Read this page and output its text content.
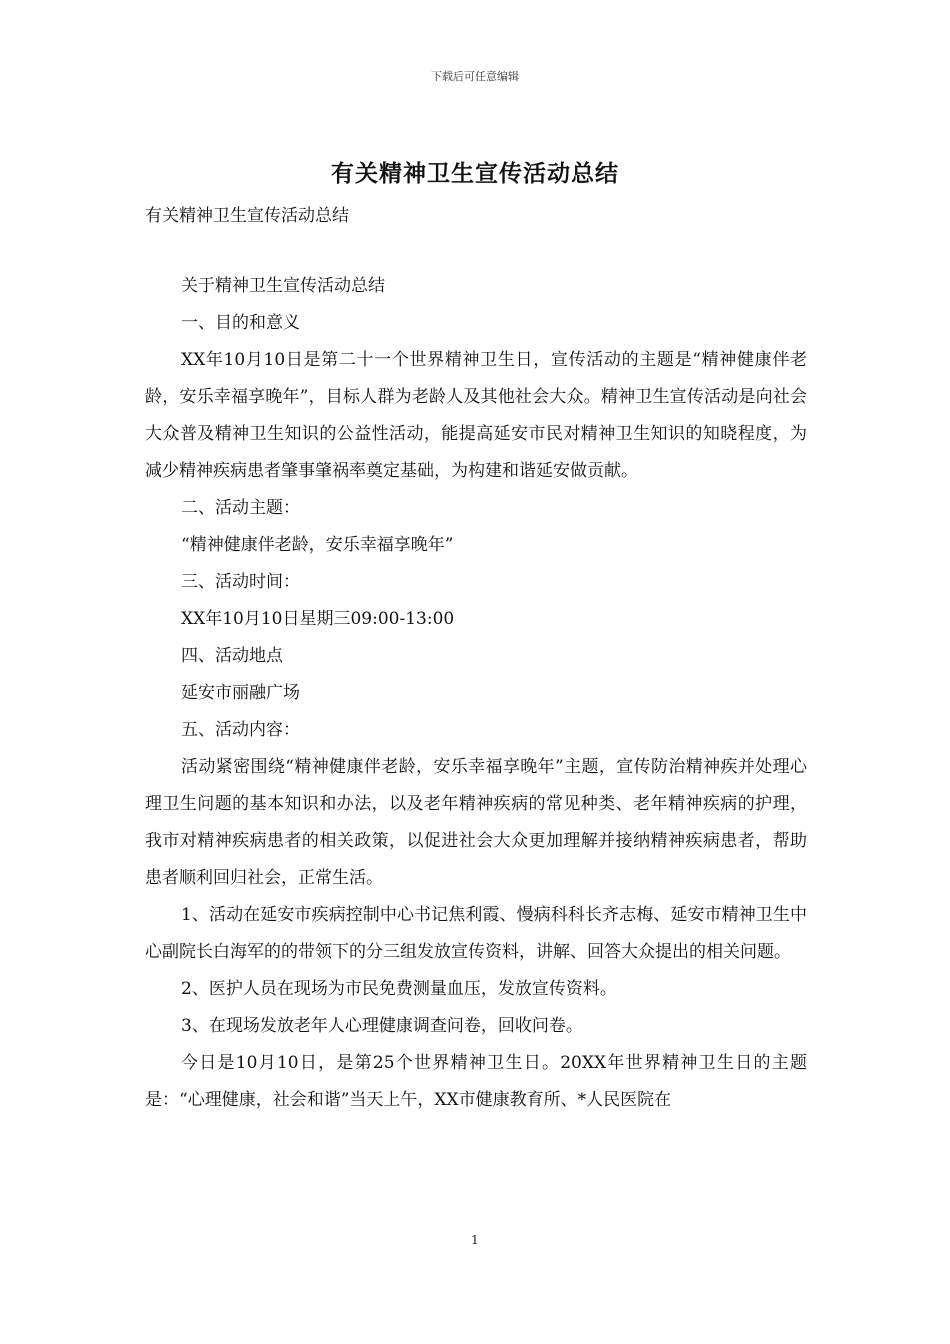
下载后可任意编辑
有关精神卫生宣传活动总结
有关精神卫生宣传活动总结

关于精神卫生宣传活动总结

一、目的和意义

XX年10月10日是第二十一个世界精神卫生日，宣传活动的主题是“精神健康伴老龄，安乐幸福享晚年”，目标人群为老龄人及其他社会大众。精神卫生宣传活动是向社会大众普及精神卫生知识的公益性活动，能提高延安市民对精神卫生知识的知晓程度，为减少精神疾病患者肇事肇祸率奠定基础，为构建和谐延安做贡献。

二、活动主题：

“精神健康伴老龄，安乐幸福享晚年”

三、活动时间：

XX年10月10日星期三09:00-13:00

四、活动地点

延安市丽融广场

五、活动内容：

活动紧密围绕“精神健康伴老龄，安乐幸福享晚年”主题，宣传防治精神疾并处理心理卫生问题的基本知识和办法，以及老年精神疾病的常见种类、老年精神疾病的护理，我市对精神疾病患者的相关政策，以促进社会大众更加理解并接纳精神疾病患者，帮助患者顺利回归社会，正常生活。

1、活动在延安市疾病控制中心书记焦利霞、慢病科科长齐志梅、延安市精神卫生中心副院长白海军的的带领下的分三组发放宣传资料，讲解、回答大众提出的相关问题。

2、医护人员在现场为市民免费测量血压，发放宣传资料。

3、在现场发放老年人心理健康调查问卷，回收问卷。

今日是10月10日，是第25个世界精神卫生日。20XX年世界精神卫生日的主题是：“心理健康，社会和谐”当天上午，XX市健康教育所、*人民医院在

1
